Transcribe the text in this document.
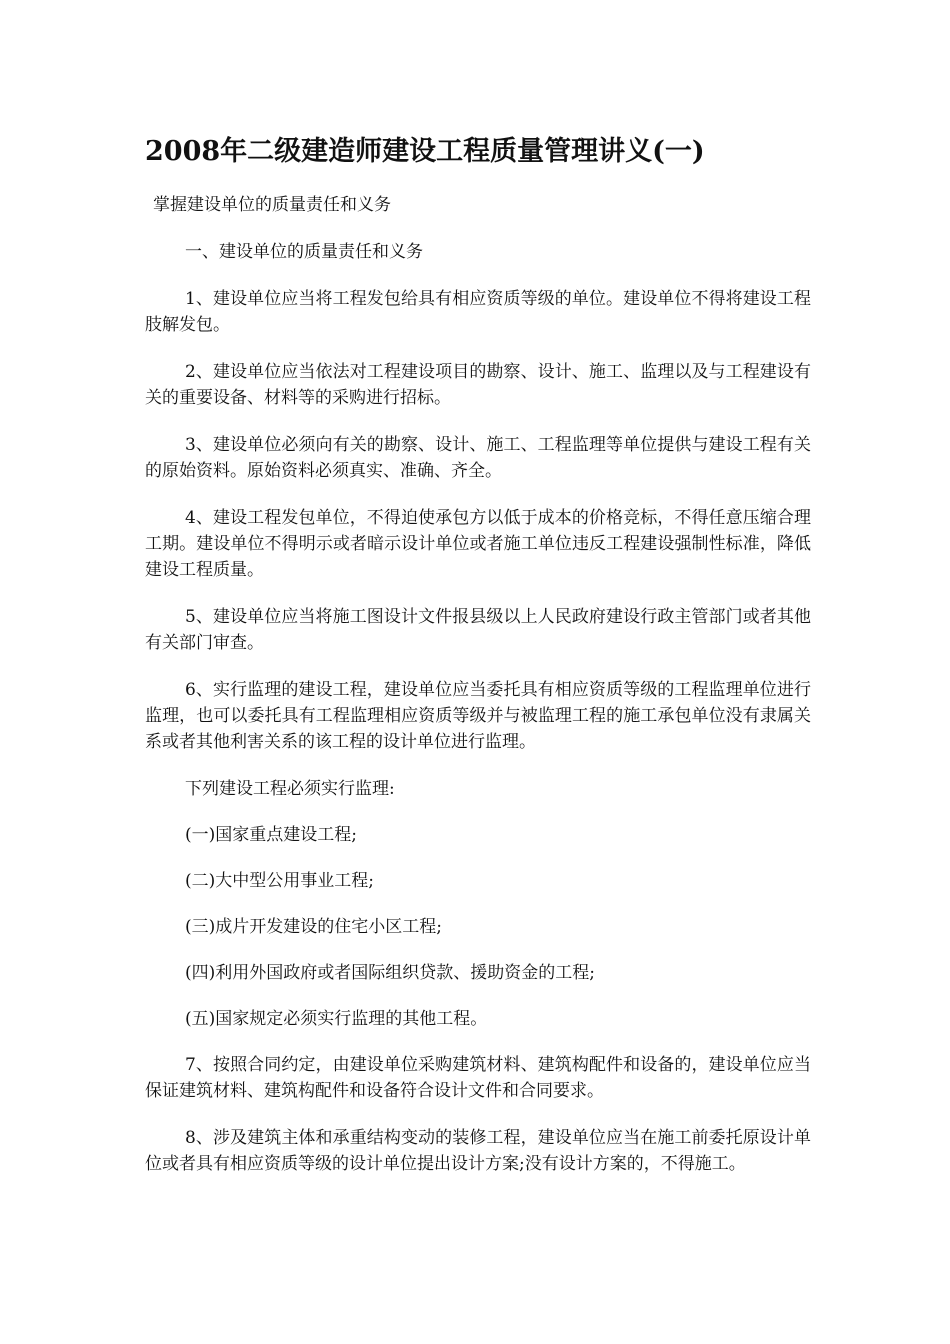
2008年二级建造师建设工程质量管理讲义(一)

掌握建设单位的质量责任和义务

一、建设单位的质量责任和义务

1、建设单位应当将工程发包给具有相应资质等级的单位。建设单位不得将建设工程肢解发包。

2、建设单位应当依法对工程建设项目的勘察、设计、施工、监理以及与工程建设有关的重要设备、材料等的采购进行招标。

3、建设单位必须向有关的勘察、设计、施工、工程监理等单位提供与建设工程有关的原始资料。原始资料必须真实、准确、齐全。

4、建设工程发包单位，不得迫使承包方以低于成本的价格竞标，不得任意压缩合理工期。建设单位不得明示或者暗示设计单位或者施工单位违反工程建设强制性标准，降低建设工程质量。

5、建设单位应当将施工图设计文件报县级以上人民政府建设行政主管部门或者其他有关部门审查。

6、实行监理的建设工程，建设单位应当委托具有相应资质等级的工程监理单位进行监理，也可以委托具有工程监理相应资质等级并与被监理工程的施工承包单位没有隶属关系或者其他利害关系的该工程的设计单位进行监理。

下列建设工程必须实行监理:

(一)国家重点建设工程;

(二)大中型公用事业工程;

(三)成片开发建设的住宅小区工程;

(四)利用外国政府或者国际组织贷款、援助资金的工程;

(五)国家规定必须实行监理的其他工程。

7、按照合同约定，由建设单位采购建筑材料、建筑构配件和设备的，建设单位应当保证建筑材料、建筑构配件和设备符合设计文件和合同要求。

8、涉及建筑主体和承重结构变动的装修工程，建设单位应当在施工前委托原设计单位或者具有相应资质等级的设计单位提出设计方案;没有设计方案的，不得施工。
